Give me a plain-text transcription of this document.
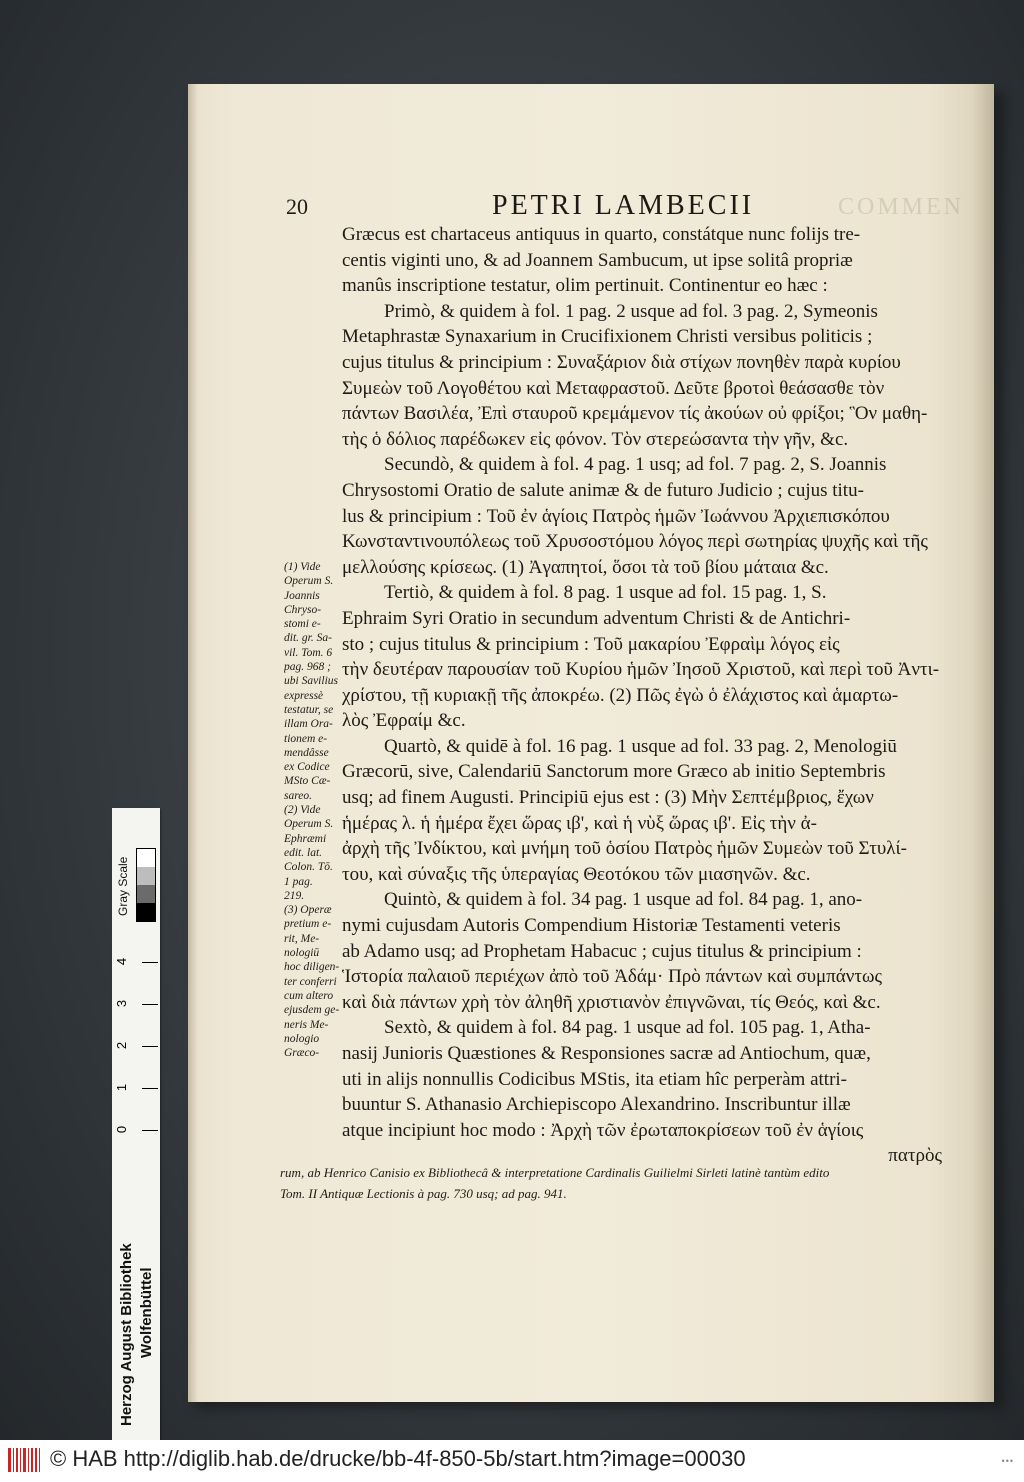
20	PETRI LAMBECII	COMMEN
Græcus est chartaceus antiquus in quarto, constátque nunc folijs tre-
centis viginti uno, & ad Joannem Sambucum, ut ipse solitâ propriæ
manûs inscriptione testatur, olim pertinuit. Continentur eo hæc :
Primò, & quidem à fol. 1 pag. 2 usque ad fol. 3 pag. 2, Symeonis
Metaphrastæ Synaxarium in Crucifixionem Christi versibus politicis ;
cujus titulus & principium : Συναξάριον διὰ στίχων πονηθὲν παρὰ κυρίου
Συμεὼν τοῦ Λογοθέτου καὶ Μεταφραστοῦ. Δεῦτε βροτοὶ θεάσασθε τὸν
πάντων Βασιλέα, Ἐπὶ σταυροῦ κρεμάμενον τίς ἀκούων οὐ φρίξοι; Ὃν μαθη-
τὴς ὁ δόλιος παρέδωκεν εἰς φόνον. Τὸν στερεώσαντα τὴν γῆν, &c.
Secundò, & quidem à fol. 4 pag. 1 usq; ad fol. 7 pag. 2, S. Joannis
Chrysostomi Oratio de salute animæ & de futuro Judicio ; cujus titu-
lus & principium : Τοῦ ἐν ἁγίοις Πατρὸς ἡμῶν Ἰωάννου Ἀρχιεπισκόπου
Κωνσταντινουπόλεως τοῦ Χρυσοστόμου λόγος περὶ σωτηρίας ψυχῆς καὶ τῆς
μελλούσης κρίσεως. (1) Ἀγαπητοί, ὅσοι τὰ τοῦ βίου μάταια &c.
Tertiò, & quidem à fol. 8 pag. 1 usque ad fol. 15 pag. 1, S.
Ephraim Syri Oratio in secundum adventum Christi & de Antichri-
sto ; cujus titulus & principium : Τοῦ μακαρίου Ἐφραὶμ λόγος εἰς
τὴν δευτέραν παρουσίαν τοῦ Κυρίου ἡμῶν Ἰησοῦ Χριστοῦ, καὶ περὶ τοῦ Ἀντι-
χρίστου, τῇ κυριακῇ τῆς ἀποκρέω. (2) Πῶς ἐγὼ ὁ ἐλάχιστος καὶ ἁμαρτω-
λὸς Ἐφραίμ &c.
Quartò, & quidē à fol. 16 pag. 1 usque ad fol. 33 pag. 2, Menologiū
Græcorū, sive, Calendariū Sanctorum more Græco ab initio Septembris
usq; ad finem Augusti. Principiū ejus est : (3) Μὴν Σεπτέμβριος, ἔχων
ἡμέρας λ. ἡ ἡμέρα ἔχει ὥρας ιβ', καὶ ἡ νὺξ ὥρας ιβ'. Εἰς τὴν ἀ-
ἀρχὴ τῆς Ἰνδίκτου, καὶ μνήμη τοῦ ὁσίου Πατρὸς ἡμῶν Συμεὼν τοῦ Στυλί-
του, καὶ σύναξις τῆς ὑπεραγίας Θεοτόκου τῶν μιασηνῶν. &c.
Quintò, & quidem à fol. 34 pag. 1 usque ad fol. 84 pag. 1, ano-
nymi cujusdam Autoris Compendium Historiæ Testamenti veteris
ab Adamo usq; ad Prophetam Habacuc ; cujus titulus & principium :
Ἱστορία παλαιοῦ περιέχων ἀπὸ τοῦ Ἀδάμ· Πρὸ πάντων καὶ συμπάντως
καὶ διὰ πάντων χρὴ τὸν ἀληθῆ χριστιανὸν ἐπιγνῶναι, τίς Θεός, καὶ &c.
Sextò, & quidem à fol. 84 pag. 1 usque ad fol. 105 pag. 1, Atha-
nasij Junioris Quæstiones & Responsiones sacræ ad Antiochum, quæ,
uti in alijs nonnullis Codicibus MStis, ita etiam hîc perperàm attri-
buuntur S. Athanasio Archiepiscopo Alexandrino. Inscribuntur illæ
atque incipiunt hoc modo : Ἀρχὴ τῶν ἐρωταποκρίσεων τοῦ ἐν ἁγίοις
πατρὸς
(1) Vide
Operum S.
Joannis
Chryso-
stomi e-
dit. gr. Sa-
vil. Tom. 6
pag. 968 ;
ubi Savilius
expressè
testatur, se
illam Ora-
tionem e-
mendâsse
ex Codice
MSto Cæ-
sareo.
(2) Vide
Operum S.
Ephræmi
edit. lat.
Colon. Tō.
1 pag.
219.
(3) Operæ
pretium e-
rit, Me-
nologiū
hoc diligen-
ter conferri
cum altero
ejusdem ge-
neris Me-
nologio
Græco-
rum, ab Henrico Canisio ex Bibliothecâ & interpretatione Cardinalis Guilielmi Sirleti latinè tantùm edito
Tom. II Antiquæ Lectionis à pag. 730 usq; ad pag. 941.
Gray Scale
0
1
2
3
4
Herzog August Bibliothek Wolfenbüttel
© HAB http://diglib.hab.de/drucke/bb-4f-850-5b/start.htm?image=00030	•••
